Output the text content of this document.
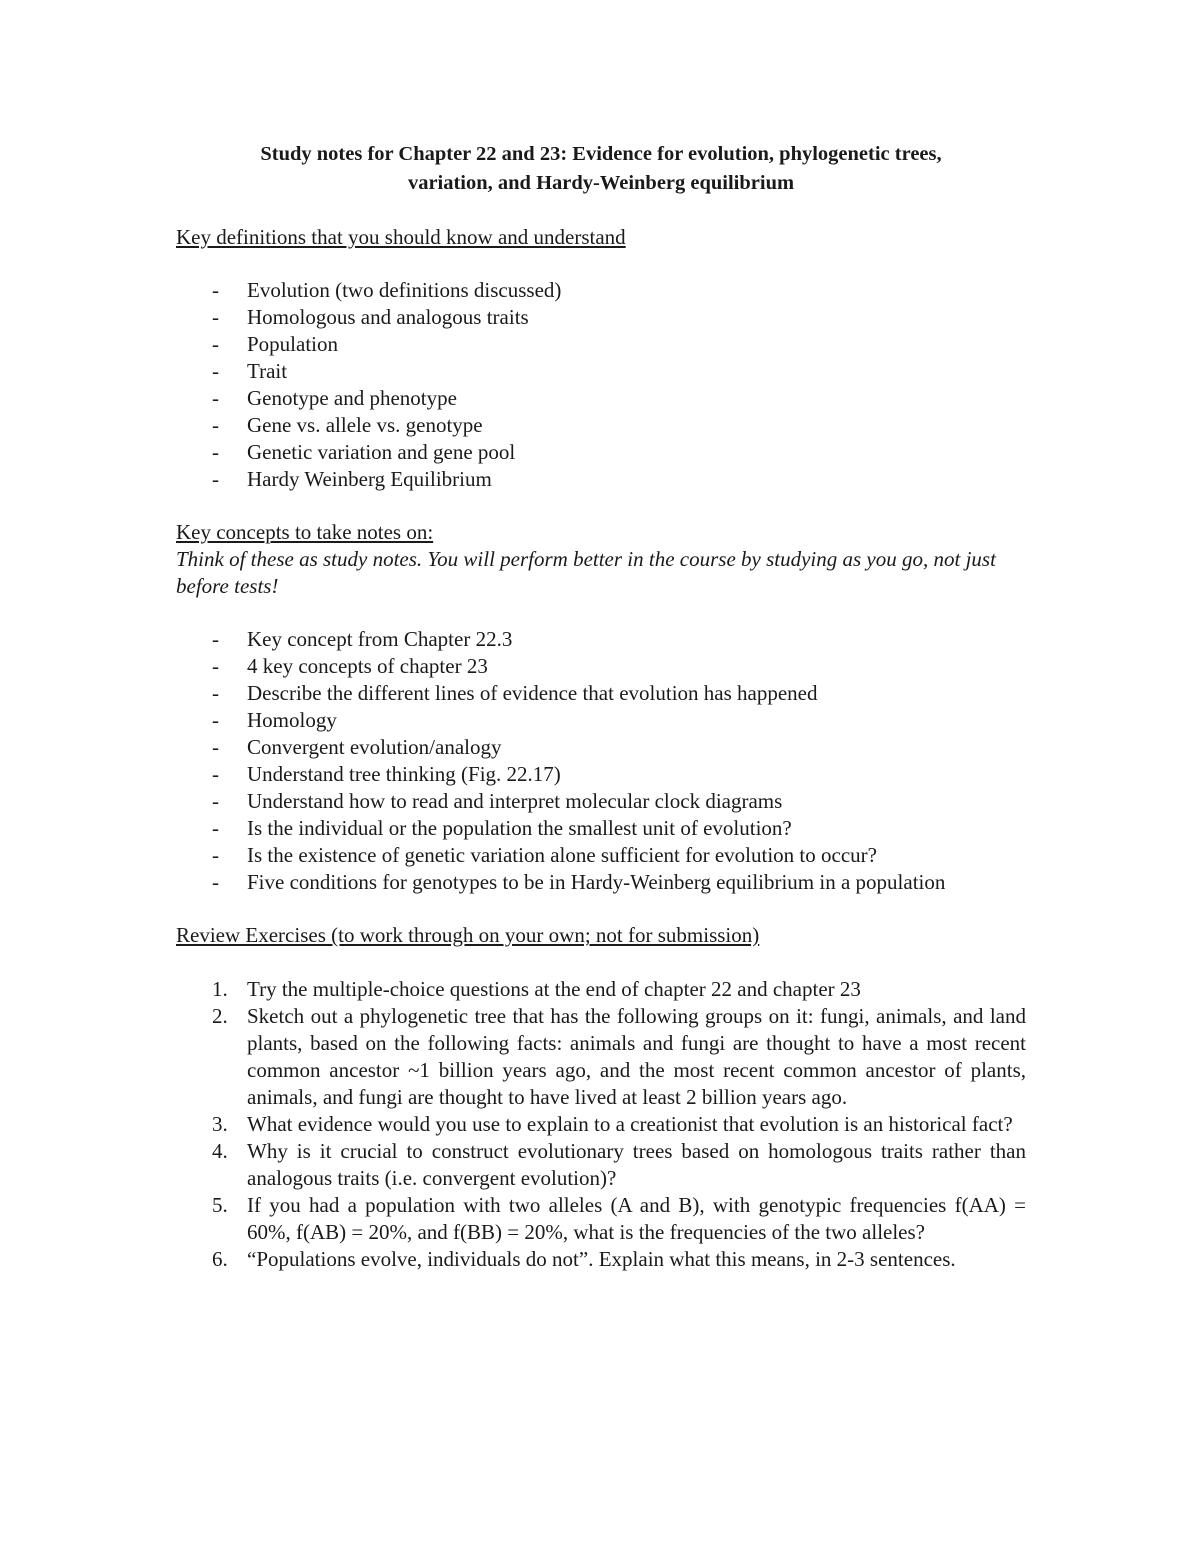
Study notes for Chapter 22 and 23: Evidence for evolution, phylogenetic trees,
variation, and Hardy-Weinberg equilibrium
Key definitions that you should know and understand
- Evolution (two definitions discussed)
- Homologous and analogous traits
- Population
- Trait
- Genotype and phenotype
- Gene vs. allele vs. genotype
- Genetic variation and gene pool
- Hardy Weinberg Equilibrium
Key concepts to take notes on:
Think of these as study notes. You will perform better in the course by studying as you go, not just before tests!
- Key concept from Chapter 22.3
- 4 key concepts of chapter 23
- Describe the different lines of evidence that evolution has happened
- Homology
- Convergent evolution/analogy
- Understand tree thinking (Fig. 22.17)
- Understand how to read and interpret molecular clock diagrams
- Is the individual or the population the smallest unit of evolution?
- Is the existence of genetic variation alone sufficient for evolution to occur?
- Five conditions for genotypes to be in Hardy-Weinberg equilibrium in a population
Review Exercises (to work through on your own; not for submission)
1. Try the multiple-choice questions at the end of chapter 22 and chapter 23
2. Sketch out a phylogenetic tree that has the following groups on it: fungi, animals, and land plants, based on the following facts: animals and fungi are thought to have a most recent common ancestor ~1 billion years ago, and the most recent common ancestor of plants, animals, and fungi are thought to have lived at least 2 billion years ago.
3. What evidence would you use to explain to a creationist that evolution is an historical fact?
4. Why is it crucial to construct evolutionary trees based on homologous traits rather than analogous traits (i.e. convergent evolution)?
5. If you had a population with two alleles (A and B), with genotypic frequencies f(AA) = 60%, f(AB) = 20%, and f(BB) = 20%, what is the frequencies of the two alleles?
6. “Populations evolve, individuals do not”. Explain what this means, in 2-3 sentences.
